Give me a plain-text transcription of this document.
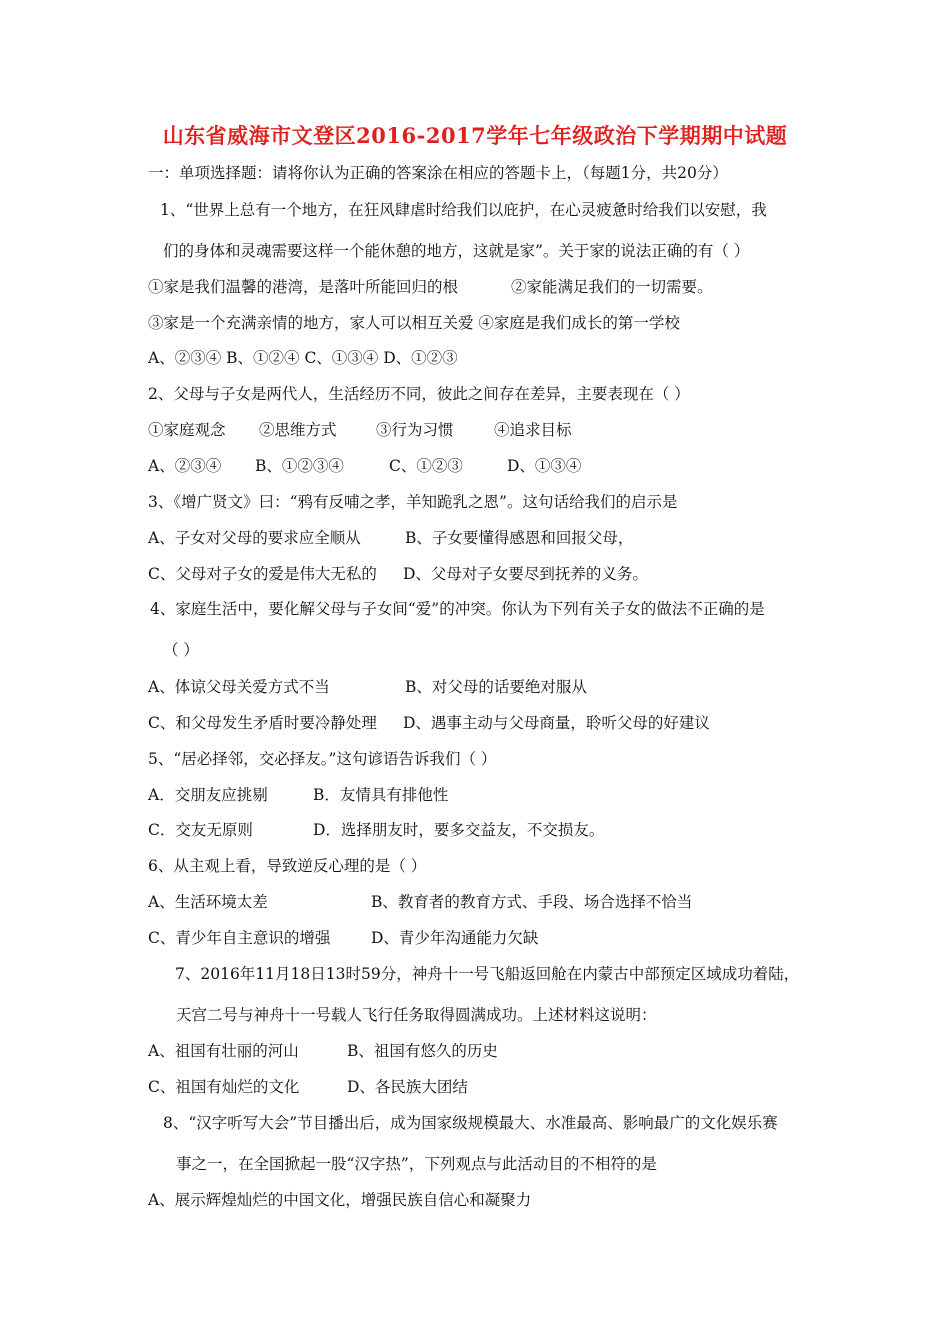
山东省威海市文登区2016-2017学年七年级政治下学期期中试题
一：单项选择题：请将你认为正确的答案涂在相应的答题卡上，（每题1分，共20分）
1、“世界上总有一个地方，在狂风肆虐时给我们以庇护，在心灵疲惫时给我们以安慰，我
们的身体和灵魂需要这样一个能休憩的地方，这就是家”。关于家的说法正确的有（ ）
①家是我们温馨的港湾，是落叶所能回归的根	②家能满足我们的一切需要。
③家是一个充满亲情的地方，家人可以相互关爱 ④家庭是我们成长的第一学校
A、②③④ B、①②④ C、①③④ D、①②③
2、父母与子女是两代人，生活经历不同，彼此之间存在差异，主要表现在（ ）
①家庭观念 ②思维方式	③行为习惯	④追求目标
A、②③④ B、①②③④	C、①②③	D、①③④
3、《增广贤文》曰：“鸦有反哺之孝，羊知跪乳之恩”。这句话给我们的启示是
A、子女对父母的要求应全顺从	B、子女要懂得感恩和回报父母，
C、父母对子女的爱是伟大无私的 D、父母对子女要尽到抚养的义务。
4、家庭生活中，要化解父母与子女间“爱”的冲突。你认为下列有关子女的做法不正确的是
（ ）
A、体谅父母关爱方式不当	B、对父母的话要绝对服从
C、和父母发生矛盾时要冷静处理 D、遇事主动与父母商量，聆听父母的好建议
5、“居必择邻，交必择友。”这句谚语告诉我们（ ）
A．交朋友应挑剔	B．友情具有排他性
C．交友无原则	D．选择朋友时，要多交益友，不交损友。
6、从主观上看，导致逆反心理的是（ ）
A、生活环境太差	B、教育者的教育方式、手段、场合选择不恰当
C、青少年自主意识的增强	D、青少年沟通能力欠缺
7、2016年11月18日13时59分，神舟十一号飞船返回舱在内蒙古中部预定区域成功着陆，
天宫二号与神舟十一号载人飞行任务取得圆满成功。上述材料这说明：
A、祖国有壮丽的河山	B、祖国有悠久的历史
C、祖国有灿烂的文化	D、各民族大团结
8、“汉字听写大会”节目播出后，成为国家级规模最大、水准最高、影响最广的文化娱乐赛
事之一，在全国掀起一股“汉字热”，下列观点与此活动目的不相符的是
A、展示辉煌灿烂的中国文化，增强民族自信心和凝聚力
